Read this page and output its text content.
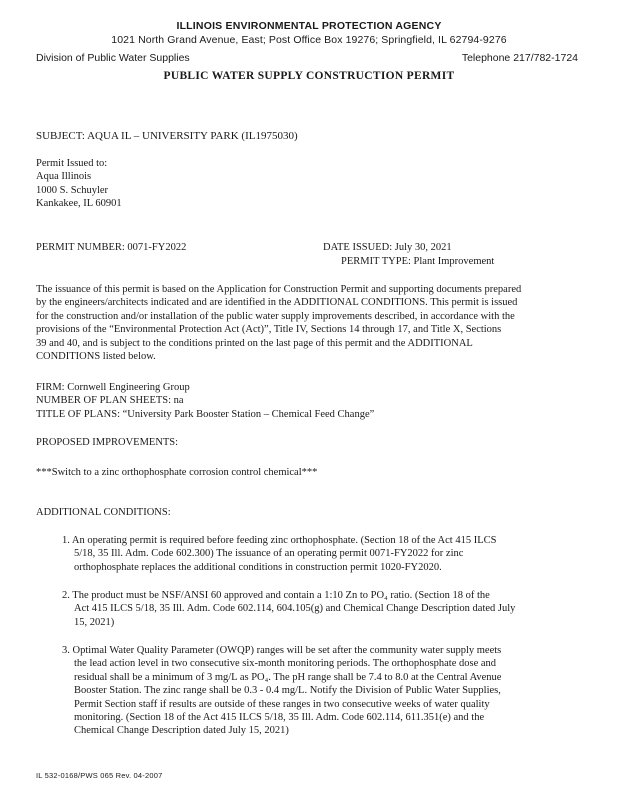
ILLINOIS ENVIRONMENTAL PROTECTION AGENCY
1021 North Grand Avenue, East; Post Office Box 19276; Springfield, IL 62794-9276
Division of Public Water Supplies	Telephone 217/782-1724
PUBLIC WATER SUPPLY CONSTRUCTION PERMIT
SUBJECT: AQUA IL – UNIVERSITY PARK (IL1975030)
Permit Issued to:
Aqua Illinois
1000 S. Schuyler
Kankakee, IL 60901
PERMIT NUMBER: 0071-FY2022	DATE ISSUED: July 30, 2021
PERMIT TYPE: Plant Improvement
The issuance of this permit is based on the Application for Construction Permit and supporting documents prepared
by the engineers/architects indicated and are identified in the ADDITIONAL CONDITIONS. This permit is issued
for the construction and/or installation of the public water supply improvements described, in accordance with the
provisions of the “Environmental Protection Act (Act)”, Title IV, Sections 14 through 17, and Title X, Sections
39 and 40, and is subject to the conditions printed on the last page of this permit and the ADDITIONAL
CONDITIONS listed below.
FIRM: Cornwell Engineering Group
NUMBER OF PLAN SHEETS: na
TITLE OF PLANS: “University Park Booster Station – Chemical Feed Change”
PROPOSED IMPROVEMENTS:
***Switch to a zinc orthophosphate corrosion control chemical***
ADDITIONAL CONDITIONS:
1. An operating permit is required before feeding zinc orthophosphate. (Section 18 of the Act 415 ILCS
5/18, 35 Ill. Adm. Code 602.300) The issuance of an operating permit 0071-FY2022 for zinc
orthophosphate replaces the additional conditions in construction permit 1020-FY2020.
2. The product must be NSF/ANSI 60 approved and contain a 1:10 Zn to PO₄ ratio. (Section 18 of the
Act 415 ILCS 5/18, 35 Ill. Adm. Code 602.114, 604.105(g) and Chemical Change Description dated July
15, 2021)
3. Optimal Water Quality Parameter (OWQP) ranges will be set after the community water supply meets
the lead action level in two consecutive six-month monitoring periods. The orthophosphate dose and
residual shall be a minimum of 3 mg/L as PO₄. The pH range shall be 7.4 to 8.0 at the Central Avenue
Booster Station. The zinc range shall be 0.3 - 0.4 mg/L. Notify the Division of Public Water Supplies,
Permit Section staff if results are outside of these ranges in two consecutive weeks of water quality
monitoring. (Section 18 of the Act 415 ILCS 5/18, 35 Ill. Adm. Code 602.114, 611.351(e) and the
Chemical Change Description dated July 15, 2021)
IL 532-0168/PWS 065 Rev. 04-2007
